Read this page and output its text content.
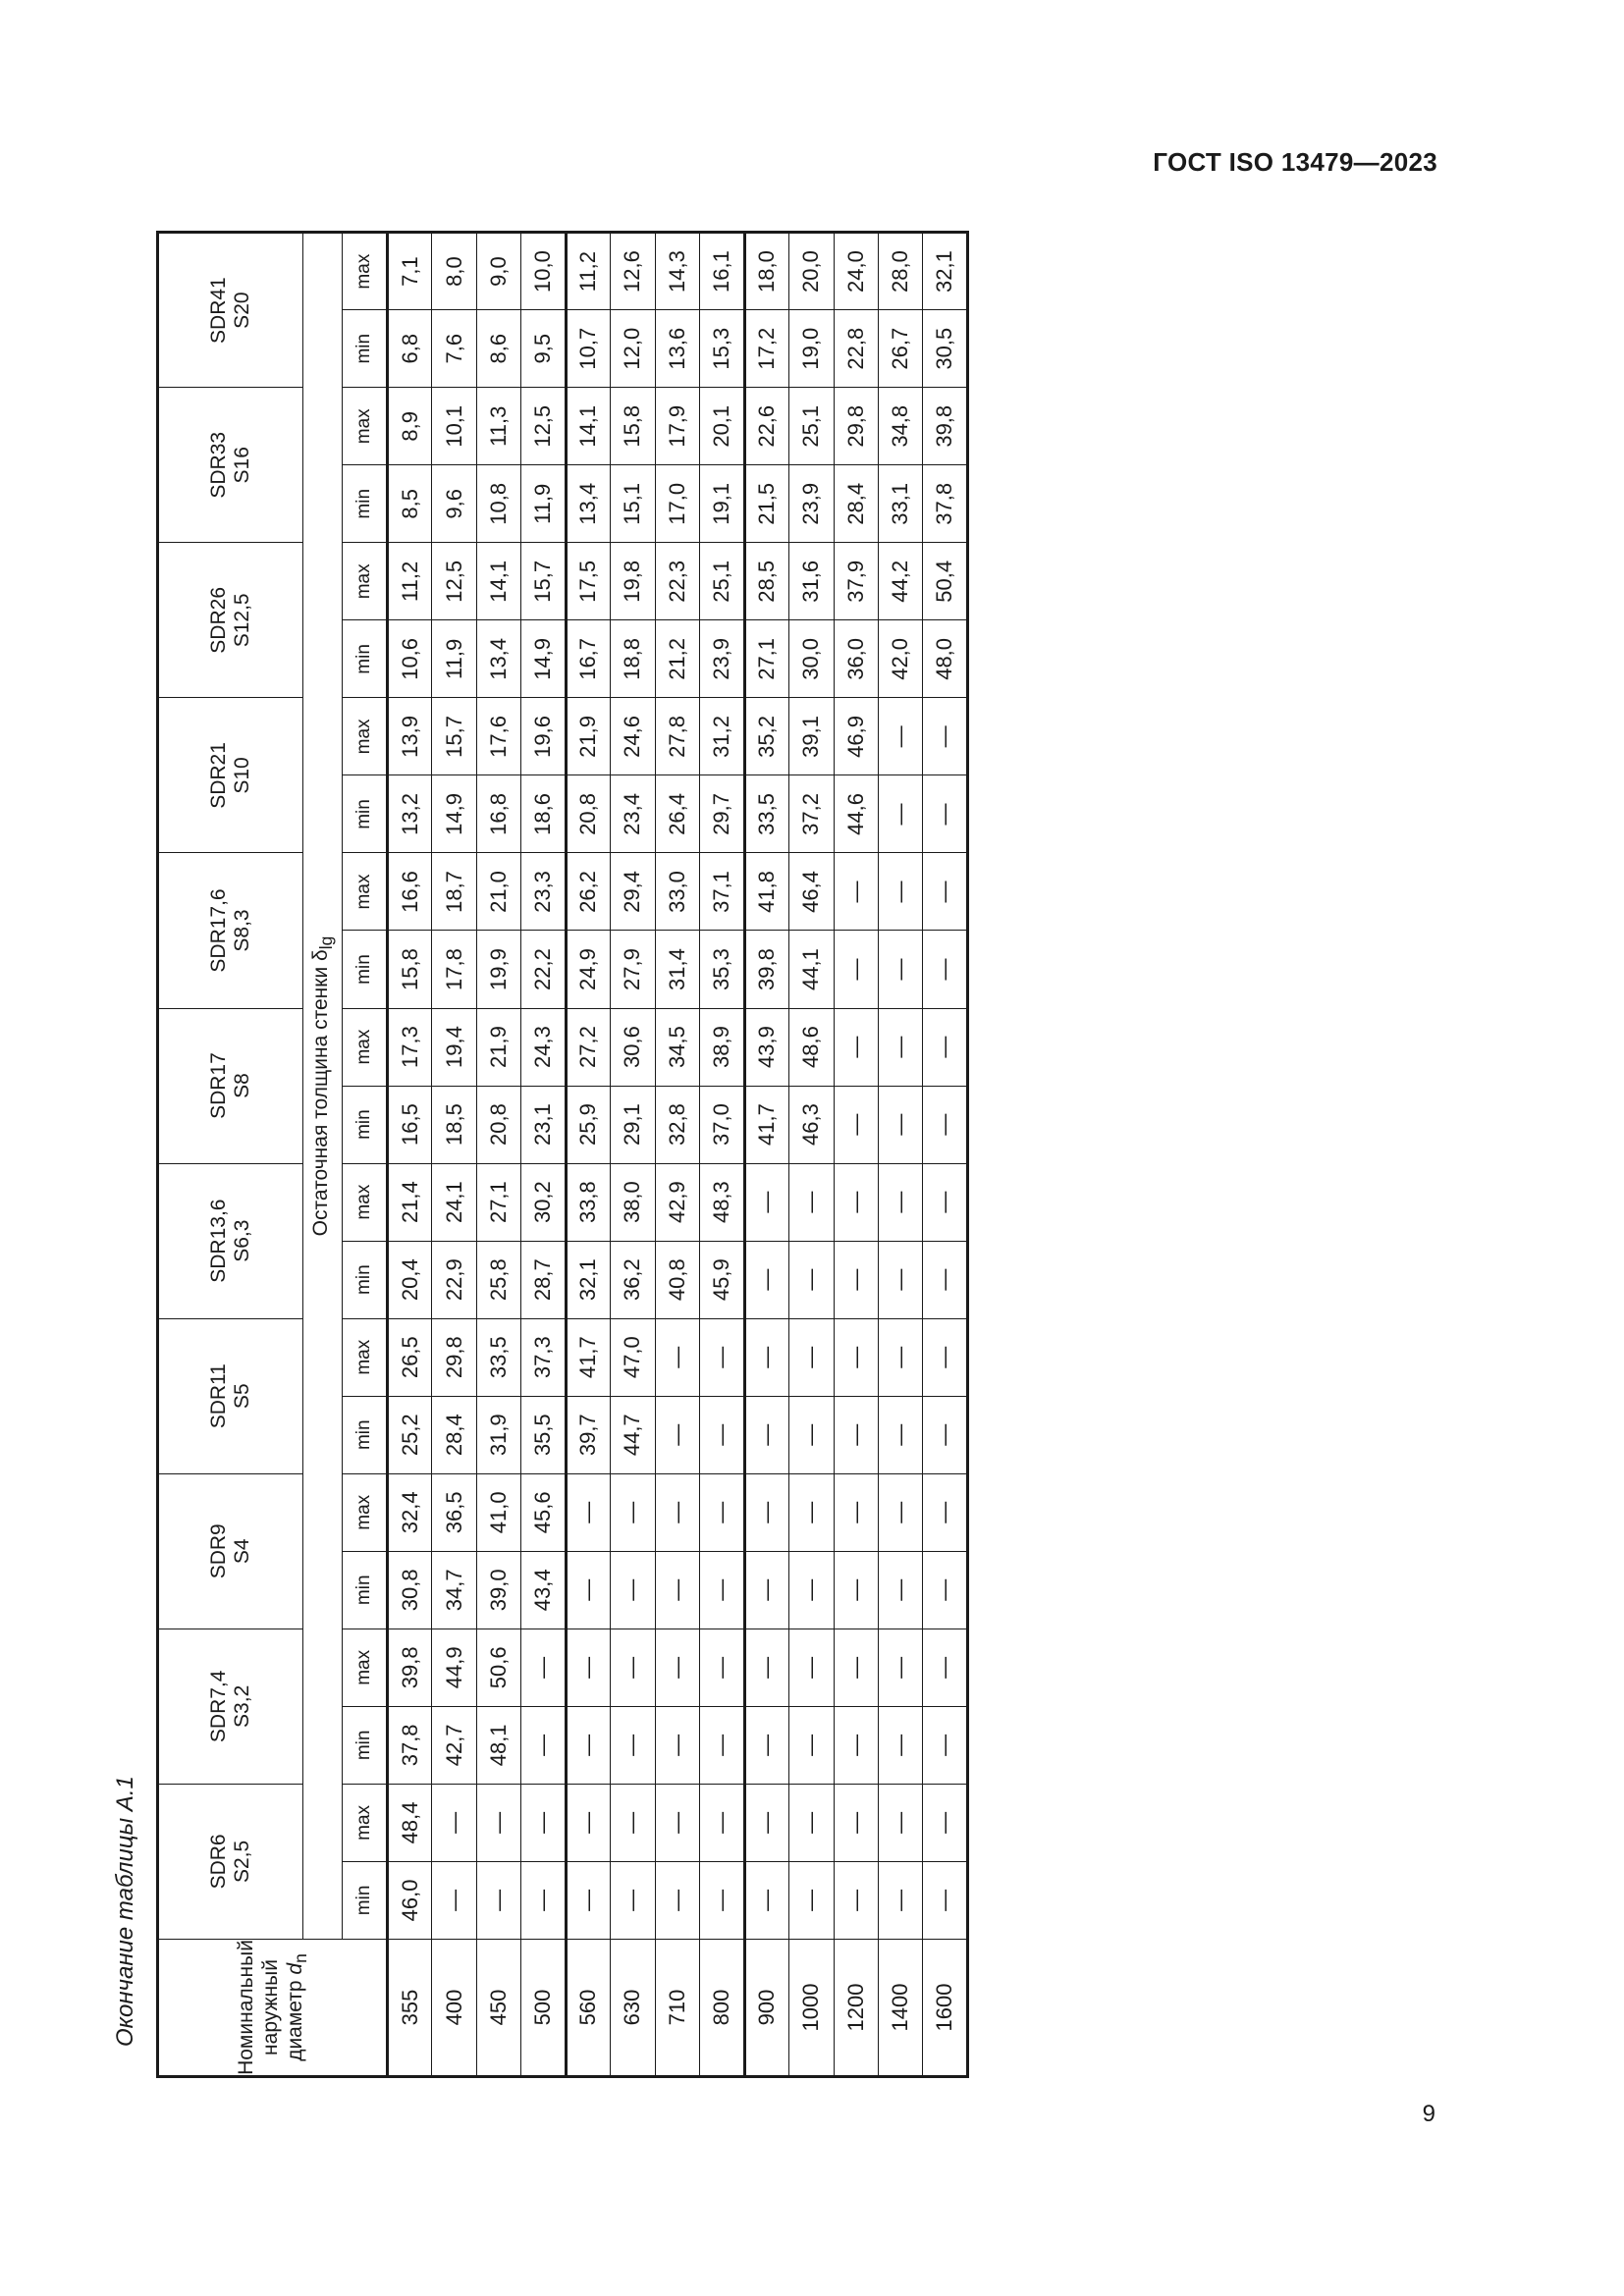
ГОСТ ISO 13479—2023
Окончание таблицы А.1
9
Номинальный наружный диаметр $d_n$	SDR6
S2,5		SDR7,4
S3,2		SDR9
S4		SDR11
S5		SDR13,6
S6,3		SDR17
S8		SDR17,6
S8,3		SDR21
S10		SDR26
S12,5		SDR33
S16		SDR41
S20	
	Остаточная толщина стенки $\delta_{lg}$
	min	max	min	max	min	max	min	max	min	max	min	max	min	max	min	max	min	max	min	max	min	max

355	46,0	48,4	37,8	39,8	30,8	32,4	25,2	26,5	20,4	21,4	16,5	17,3	15,8	16,6	13,2	13,9	10,6	11,2	8,5	8,9	6,8	7,1
400	—	—	42,7	44,9	34,7	36,5	28,4	29,8	22,9	24,1	18,5	19,4	17,8	18,7	14,9	15,7	11,9	12,5	9,6	10,1	7,6	8,0
450	—	—	48,1	50,6	39,0	41,0	31,9	33,5	25,8	27,1	20,8	21,9	19,9	21,0	16,8	17,6	13,4	14,1	10,8	11,3	8,6	9,0
500	—	—	—	—	43,4	45,6	35,5	37,3	28,7	30,2	23,1	24,3	22,2	23,3	18,6	19,6	14,9	15,7	11,9	12,5	9,5	10,0
560	—	—	—	—	—	—	39,7	41,7	32,1	33,8	25,9	27,2	24,9	26,2	20,8	21,9	16,7	17,5	13,4	14,1	10,7	11,2
630	—	—	—	—	—	—	44,7	47,0	36,2	38,0	29,1	30,6	27,9	29,4	23,4	24,6	18,8	19,8	15,1	15,8	12,0	12,6
710	—	—	—	—	—	—	—	—	40,8	42,9	32,8	34,5	31,4	33,0	26,4	27,8	21,2	22,3	17,0	17,9	13,6	14,3
800	—	—	—	—	—	—	—	—	45,9	48,3	37,0	38,9	35,3	37,1	29,7	31,2	23,9	25,1	19,1	20,1	15,3	16,1
900	—	—	—	—	—	—	—	—	—	—	41,7	43,9	39,8	41,8	33,5	35,2	27,1	28,5	21,5	22,6	17,2	18,0
1000	—	—	—	—	—	—	—	—	—	—	46,3	48,6	44,1	46,4	37,2	39,1	30,0	31,6	23,9	25,1	19,0	20,0
1200	—	—	—	—	—	—	—	—	—	—	—	—	—	—	44,6	46,9	36,0	37,9	28,4	29,8	22,8	24,0
1400	—	—	—	—	—	—	—	—	—	—	—	—	—	—	—	—	42,0	44,2	33,1	34,8	26,7	28,0
1600	—	—	—	—	—	—	—	—	—	—	—	—	—	—	—	—	48,0	50,4	37,8	39,8	30,5	32,1
